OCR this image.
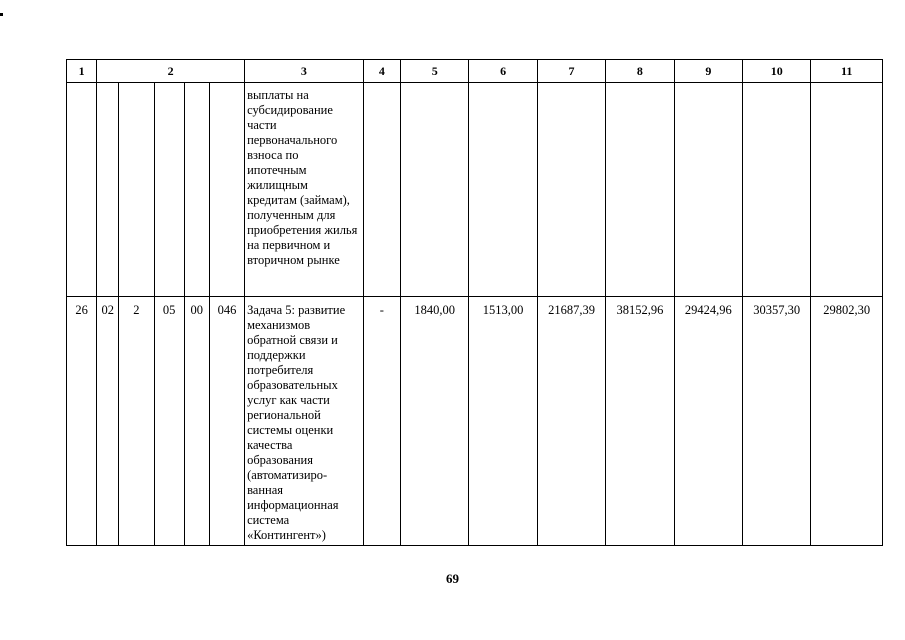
1	2					3	4	5	6	7	8	9	10	11
						выплаты на субсидирование части первоначального взноса по ипотечным жилищным кредитам (займам), полученным для приобретения жилья на первичном и вторичном рынке								
26	02	2	05	00	046	Задача 5: развитие механизмов обратной связи и поддержки потребителя образовательных услуг как части региональной системы оценки качества образования (автоматизиро-ванная информационная система «Контингент»)	-	1840,00	1513,00	21687,39	38152,96	29424,96	30357,30	29802,30
69
